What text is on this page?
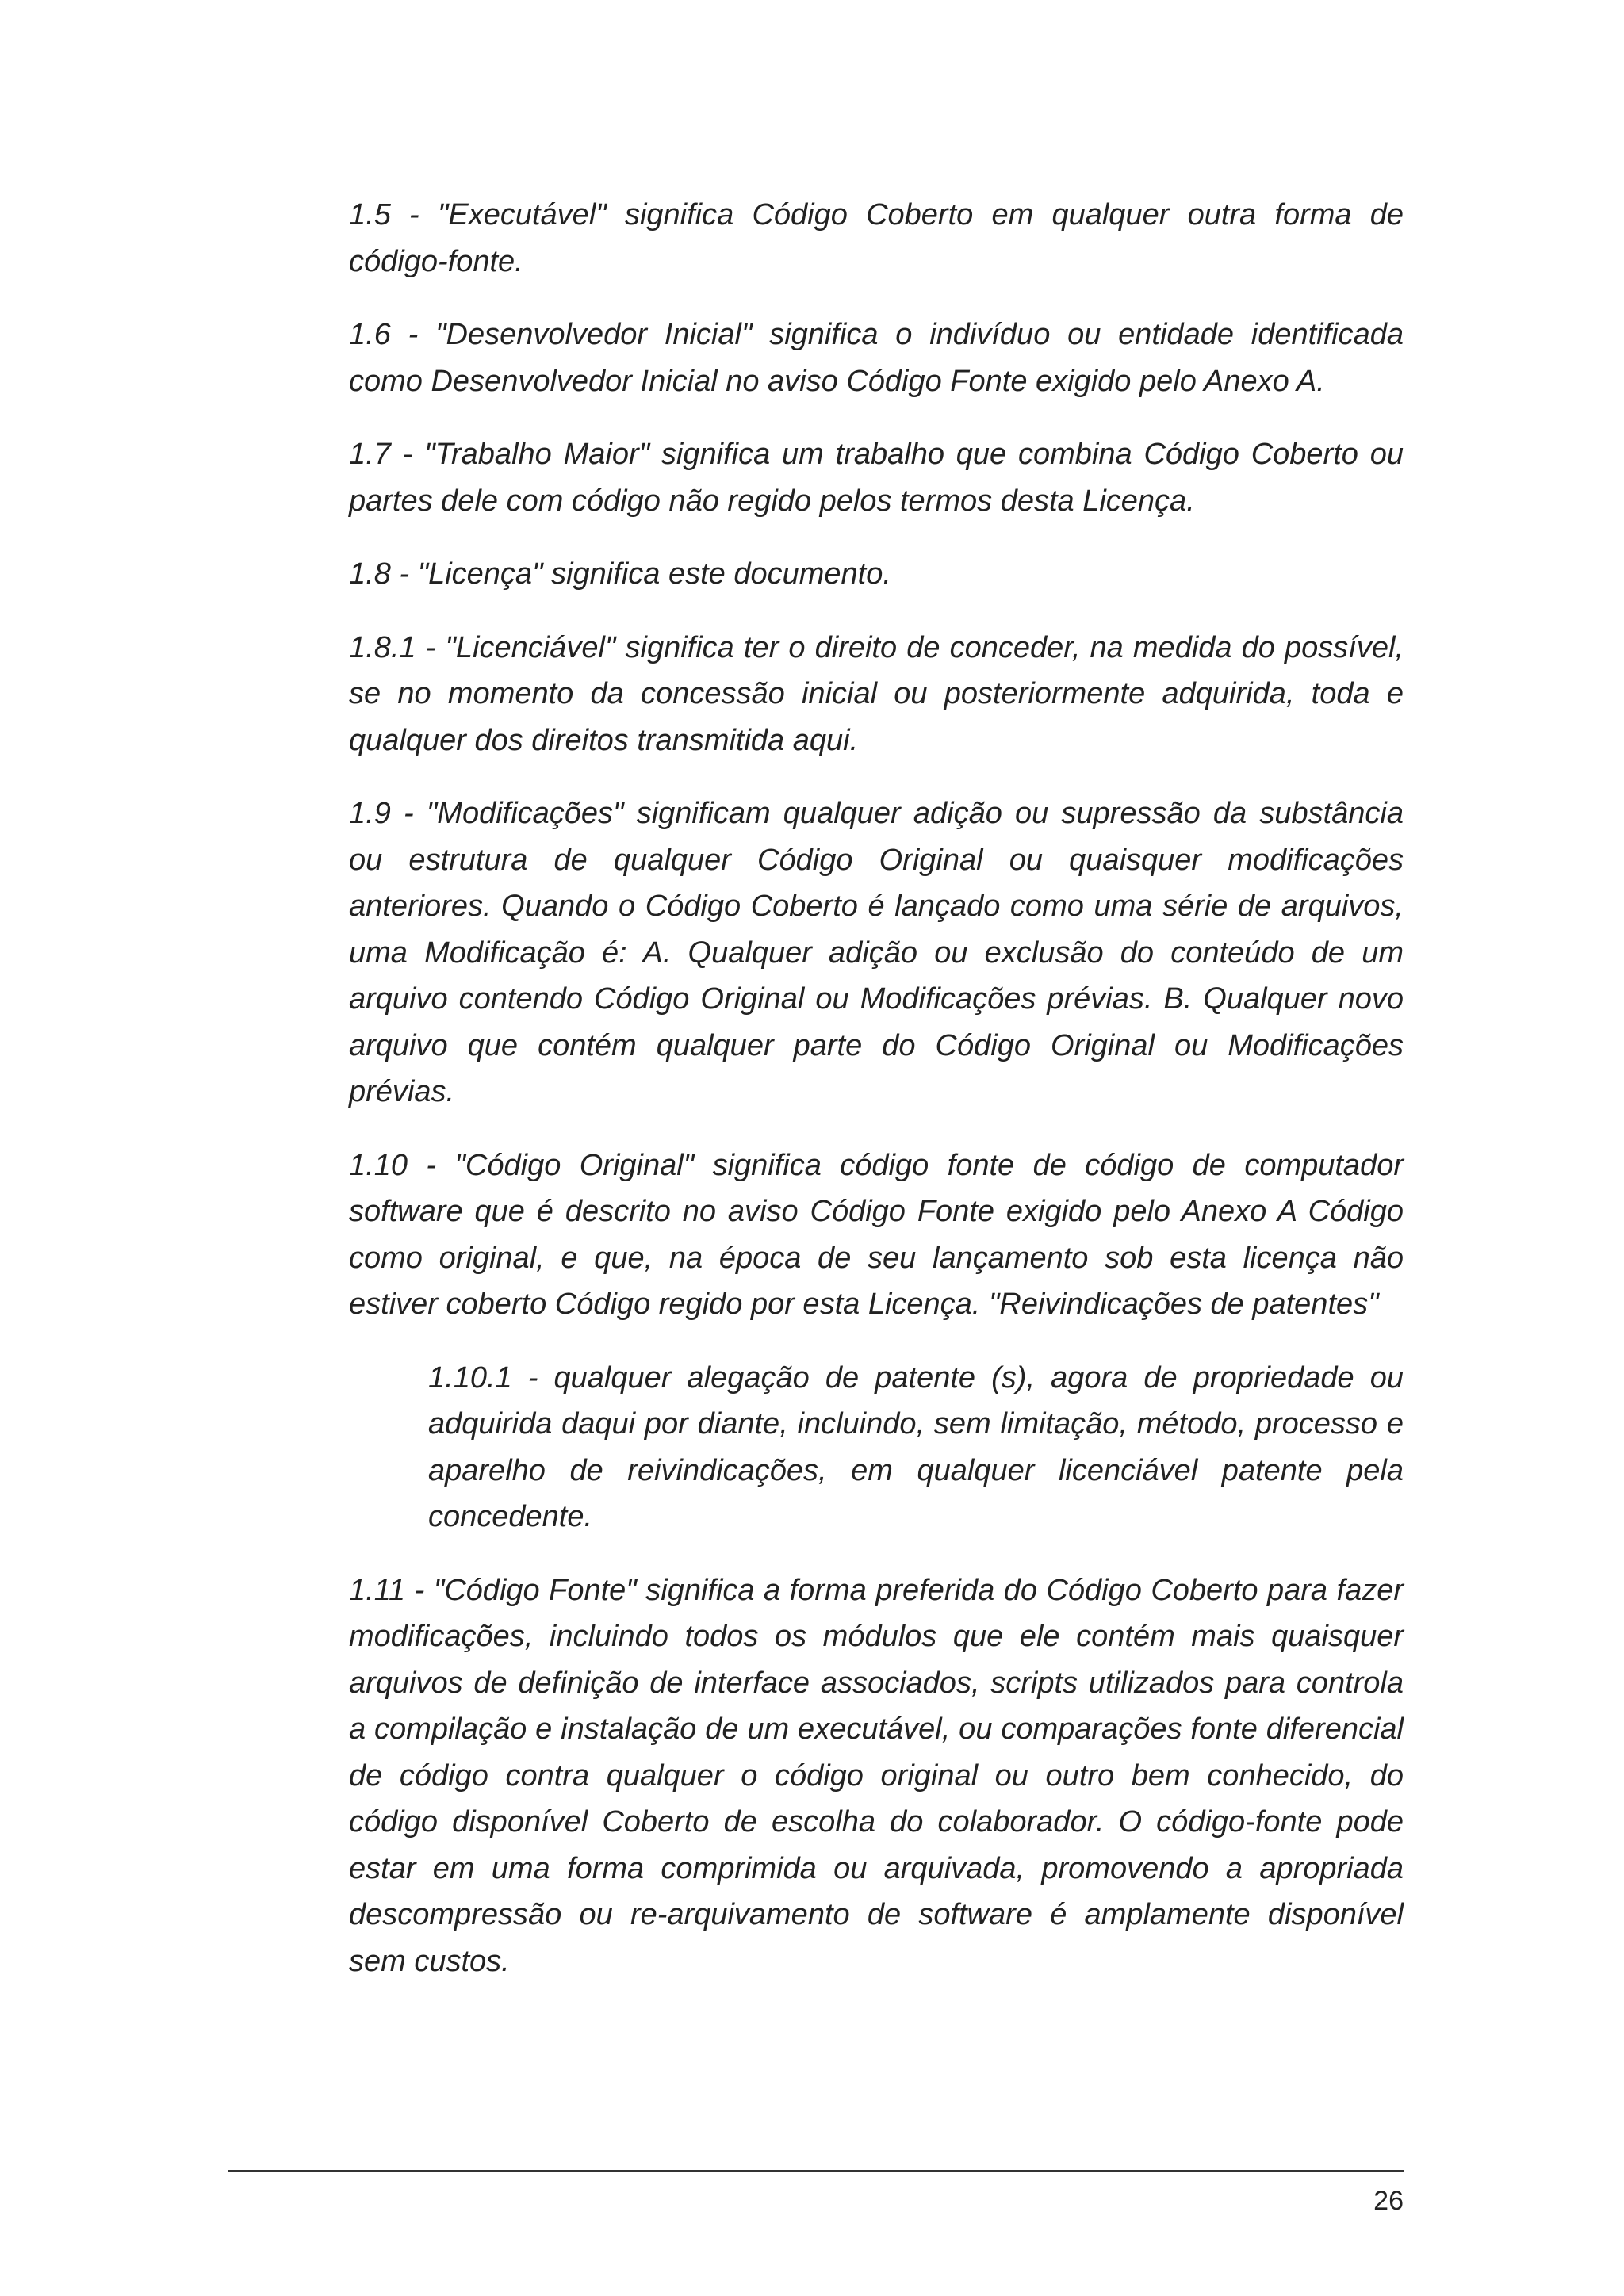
1.5 - "Executável" significa Código Coberto em qualquer outra forma de código-fonte.

1.6 - "Desenvolvedor Inicial" significa o indivíduo ou entidade identificada como Desenvolvedor Inicial no aviso Código Fonte exigido pelo Anexo A.

1.7 - "Trabalho Maior" significa um trabalho que combina Código Coberto ou partes dele com código não regido pelos termos desta Licença.

1.8 - "Licença" significa este documento.

1.8.1 - "Licenciável" significa ter o direito de conceder, na medida do possível, se no momento da concessão inicial ou posteriormente adquirida, toda e qualquer dos direitos transmitida aqui.

1.9 - "Modificações" significam qualquer adição ou supressão da substância ou estrutura de qualquer Código Original ou quaisquer modificações anteriores. Quando o Código Coberto é lançado como uma série de arquivos, uma Modificação é: A. Qualquer adição ou exclusão do conteúdo de um arquivo contendo Código Original ou Modificações prévias. B. Qualquer novo arquivo que contém qualquer parte do Código Original ou Modificações prévias.

1.10 - "Código Original" significa código fonte de código de computador software que é descrito no aviso Código Fonte exigido pelo Anexo A Código como original, e que, na época de seu lançamento sob esta licença não estiver coberto Código regido por esta Licença. "Reivindicações de patentes"

1.10.1 - qualquer alegação de patente (s), agora de propriedade ou adquirida daqui por diante, incluindo, sem limitação, método, processo e aparelho de reivindicações, em qualquer licenciável patente pela concedente.

1.11 - "Código Fonte" significa a forma preferida do Código Coberto para fazer modificações, incluindo todos os módulos que ele contém mais quaisquer arquivos de definição de interface associados, scripts utilizados para controla a compilação e instalação de um executável, ou comparações fonte diferencial de código contra qualquer o código original ou outro bem conhecido, do código disponível Coberto de escolha do colaborador. O código-fonte pode estar em uma forma comprimida ou arquivada, promovendo a apropriada descompressão ou re-arquivamento de software é amplamente disponível sem custos.

26
